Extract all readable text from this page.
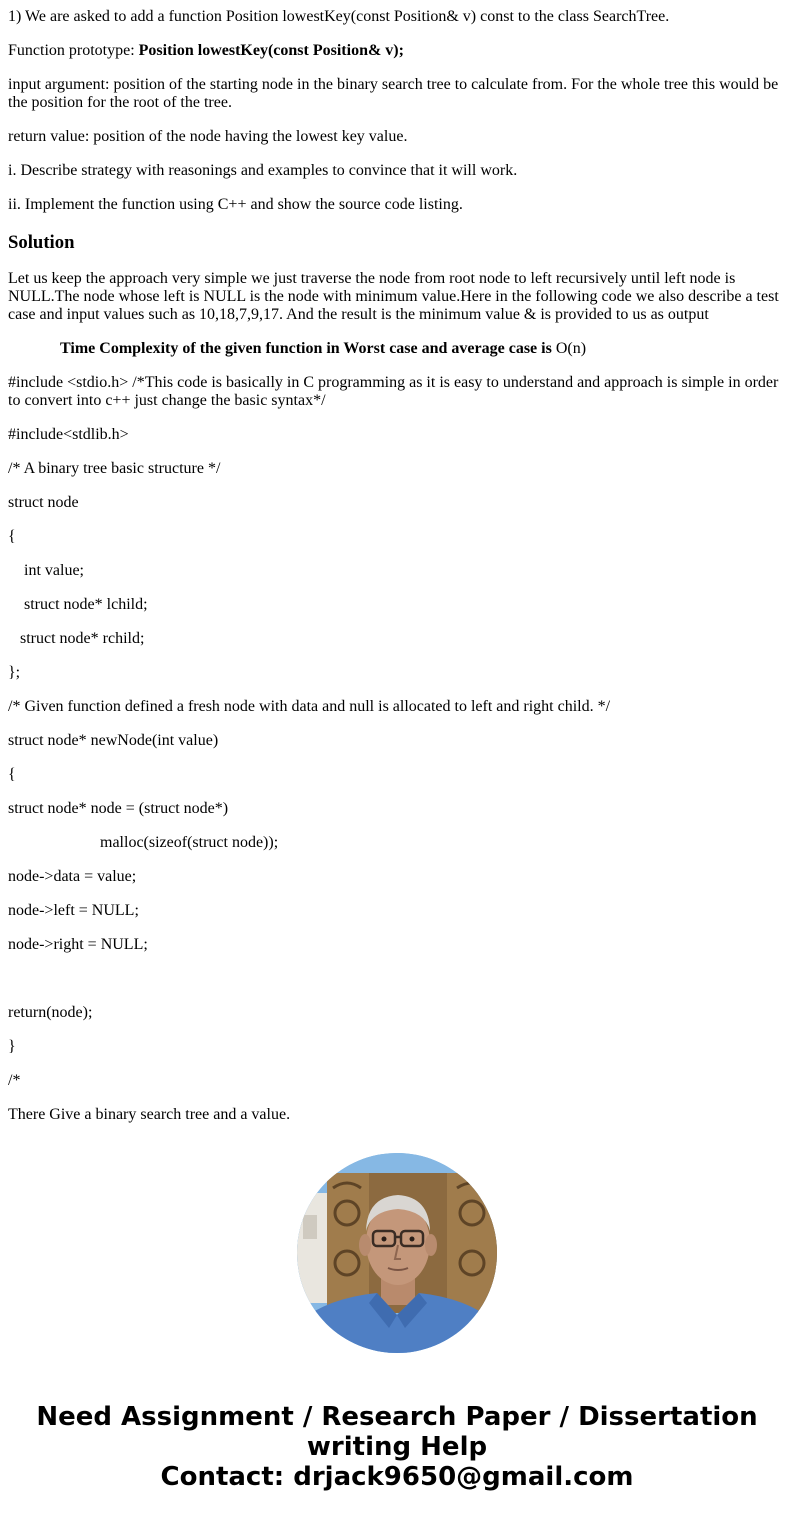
1) We are asked to add a function Position lowestKey(const Position& v) const to the class SearchTree.

Function prototype: Position lowestKey(const Position& v);

input argument: position of the starting node in the binary search tree to calculate from. For the whole tree this would be the position for the root of the tree.

return value: position of the node having the lowest key value.

i. Describe strategy with reasonings and examples to convince that it will work.

ii. Implement the function using C++ and show the source code listing.

Solution

Let us keep the approach very simple we just traverse the node from root node to left recursively until left node is NULL.The node whose left is NULL is the node with minimum value.Here in the following code we also describe a test case and input values such as 10,18,7,9,17. And the result is the minimum value & is provided to us as output

Time Complexity of the given function in Worst case and average case is O(n)

#include <stdio.h> /*This code is basically in C programming as it is easy to understand and approach is simple in order to convert into c++ just change the basic syntax*/

#include<stdlib.h>

/* A binary tree basic structure */

struct node

{

int value;

struct node* lchild;

struct node* rchild;

};

/* Given function defined a fresh node with data and null is allocated to left and right child. */

struct node* newNode(int value)

{

struct node* node = (struct node*)

malloc(sizeof(struct node));

node->data = value;

node->left = NULL;

node->right = NULL;

return(node);

}

/*

There Give a binary search tree and a value.

Need Assignment / Research Paper / Dissertation
writing Help
Contact: drjack9650@gmail.com
